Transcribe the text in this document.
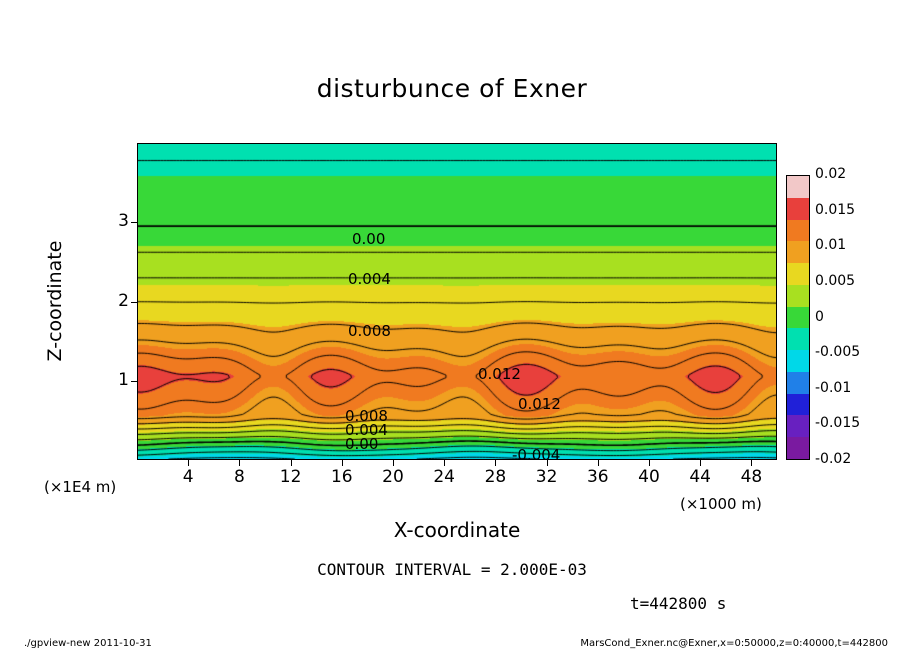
disturbunce of Exner
Z-coordinate
4	8	12	16	20	24	28	32	36	40	44	48
1
2
3
0.00
0.004
0.008
0.012
0.012
0.008
0.004
0.00
-0.004
(×1E4 m)
(×1000 m)
X-coordinate
0.02
0.015
0.01
0.005
0
-0.005
-0.01
-0.015
-0.02
CONTOUR INTERVAL = 2.000E-03
t=442800 s
./gpview-new 2011-10-31	MarsCond_Exner.nc@Exner,x=0:50000,z=0:40000,t=442800
